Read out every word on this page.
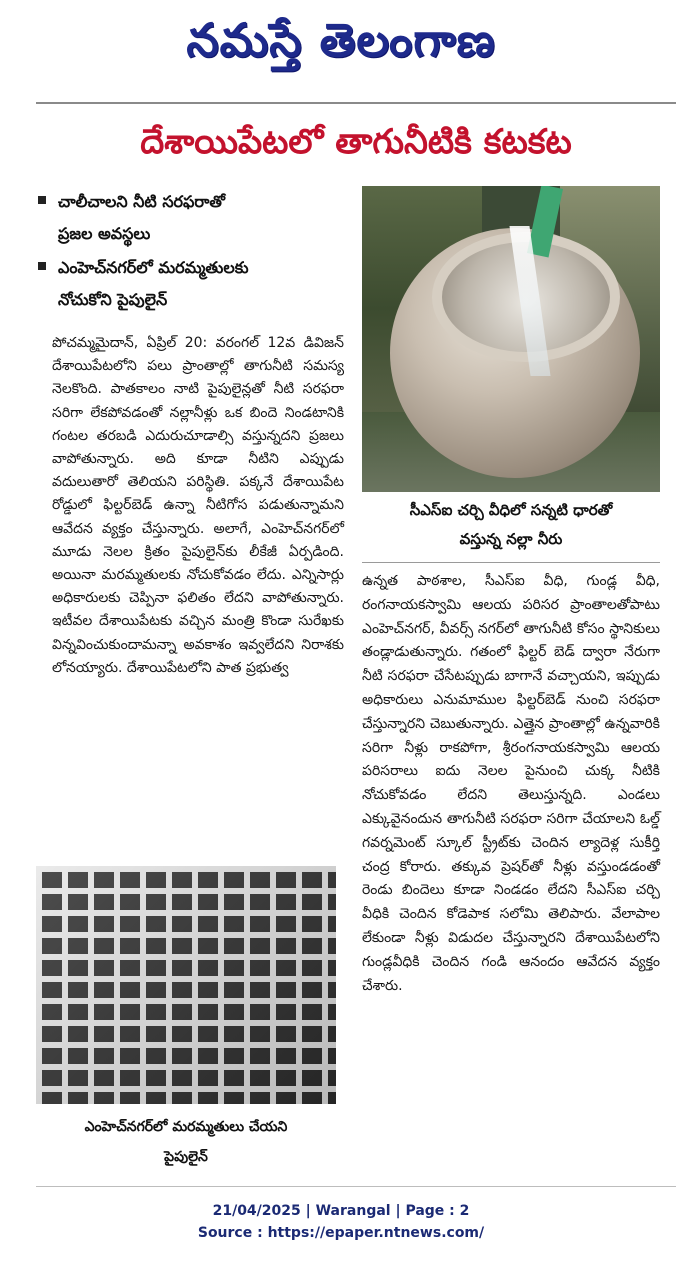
నమస్తే తెలంగాణ
దేశాయిపేటలో తాగునీటికి కటకట
చాలీచాలని నీటి సరఫరాతో
ప్రజల అవస్థలు
ఎంహెచ్‌నగర్‌లో మరమ్మతులకు
నోచుకోని పైపులైన్
పోచమ్మమైదాన్, ఏప్రిల్ 20: వరంగల్ 12వ డివిజన్ దేశాయిపేటలోని పలు ప్రాంతాల్లో తాగునీటి సమస్య నెలకొంది. పాతకాలం నాటి పైపులైన్లతో నీటి సరఫరా సరిగా లేకపోవడంతో నల్లానీళ్లు ఒక బిందె నిండటానికి గంటల తరబడి ఎదురుచూడాల్సి వస్తున్నదని ప్రజలు వాపోతున్నారు. అది కూడా నీటిని ఎప్పుడు వదులుతారో తెలియని పరిస్థితి. పక్కనే దేశాయిపేట రోడ్డులో ఫిల్టర్‌బెడ్ ఉన్నా నీటిగోస పడుతున్నామని ఆవేదన వ్యక్తం చేస్తున్నారు. అలాగే, ఎంహెచ్‌నగర్‌లో మూడు నెలల క్రితం పైపులైన్‌కు లీకేజీ ఏర్పడింది. అయినా మరమ్మతులకు నోచుకోవడం లేదు. ఎన్నిసార్లు అధికారులకు చెప్పినా ఫలితం లేదని వాపోతున్నారు. ఇటీవల దేశాయిపేటకు వచ్చిన మంత్రి కొండా సురేఖకు విన్నవించుకుందామన్నా అవకాశం ఇవ్వలేదని నిరాశకు లోనయ్యారు. దేశాయిపేటలోని పాత ప్రభుత్వ
సీఎస్ఐ చర్చి వీధిలో సన్నటి ధారతో
వస్తున్న నల్లా నీరు
ఉన్నత పాఠశాల, సీఎస్ఐ వీధి, గుండ్ల వీధి, రంగనాయకస్వామి ఆలయ పరిసర ప్రాంతాలతోపాటు ఎంహెచ్‌నగర్, వీవర్స్ నగర్‌లో తాగునీటి కోసం స్థానికులు తండ్లాడుతున్నారు. గతంలో ఫిల్టర్ బెడ్ ద్వారా నేరుగా నీటి సరఫరా చేసేటప్పుడు బాగానే వచ్చాయని, ఇప్పుడు అధికారులు ఎనుమాముల ఫిల్టర్‌బెడ్ నుంచి సరఫరా చేస్తున్నారని చెబుతున్నారు. ఎత్తైన ప్రాంతాల్లో ఉన్నవారికి సరిగా నీళ్లు రాకపోగా, శ్రీరంగనాయకస్వామి ఆలయ పరిసరాలు ఐదు నెలల పైనుంచి చుక్క నీటికి నోచుకోవడం లేదని తెలుస్తున్నది. ఎండలు ఎక్కువైనందున తాగునీటి సరఫరా సరిగా చేయాలని ఓల్డ్ గవర్నమెంట్ స్కూల్ స్ట్రీట్‌కు చెందిన ల్యాదెళ్ల సుకీర్తి చంద్ర కోరారు. తక్కువ ప్రెషర్‌తో నీళ్లు వస్తుండడంతో రెండు బిందెలు కూడా నిండడం లేదని సీఎస్ఐ చర్చి వీధికి చెందిన కోడెపాక సలోమి తెలిపారు. వేలాపాల లేకుండా నీళ్లు విడుదల చేస్తున్నారని దేశాయిపేటలోని గుండ్లవీధికి చెందిన గండి ఆనందం ఆవేదన వ్యక్తం చేశారు.
ఎంహెచ్‌నగర్‌లో మరమ్మతులు చేయని
పైపులైన్
21/04/2025 | Warangal | Page : 2
Source : https://epaper.ntnews.com/
